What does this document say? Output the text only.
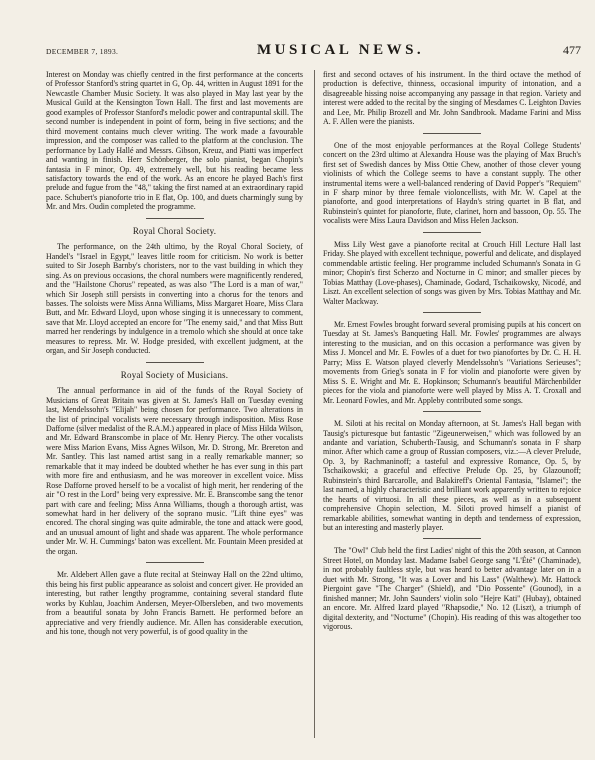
DECEMBER 7, 1893.	MUSICAL NEWS.	477

Interest on Monday was chiefly centred in the first performance at the concerts of Professor Stanford's string quartet in G, Op. 44, written in August 1891 for the Newcastle Chamber Music Society. It was also played in May last year by the Musical Guild at the Kensington Town Hall. The first and last movements are good examples of Professor Stanford's melodic power and contrapuntal skill. The second number is independent in point of form, being in five sections; and the third movement contains much clever writing. The work made a favourable impression, and the composer was called to the platform at the conclusion. The performance by Lady Hallé and Messrs. Gibson, Kreuz, and Piatti was imperfect and wanting in finish. Herr Schönberger, the solo pianist, began Chopin's fantasia in F minor, Op. 49, extremely well, but his reading became less satisfactory towards the end of the work. As an encore he played Bach's first prelude and fugue from the "48," taking the first named at an extraordinary rapid pace. Schubert's pianoforte trio in E flat, Op. 100, and duets charmingly sung by Mr. and Mrs. Oudin completed the programme.

Royal Choral Society.

The performance, on the 24th ultimo, by the Royal Choral Society, of Handel's "Israel in Egypt," leaves little room for criticism. No work is better suited to Sir Joseph Barnby's choristers, nor to the vast building in which they sing. As on previous occasions, the choral numbers were magnificently rendered, and the "Hailstone Chorus" repeated, as was also "The Lord is a man of war," which Sir Joseph still persists in converting into a chorus for the tenors and basses. The soloists were Miss Anna Williams, Miss Margaret Hoare, Miss Clara Butt, and Mr. Edward Lloyd, upon whose singing it is unnecessary to comment, save that Mr. Lloyd accepted an encore for "The enemy said," and that Miss Butt marred her renderings by indulgence in a tremolo which she should at once take measures to repress. Mr. W. Hodge presided, with excellent judgment, at the organ, and Sir Joseph conducted.

Royal Society of Musicians.

The annual performance in aid of the funds of the Royal Society of Musicians of Great Britain was given at St. James's Hall on Tuesday evening last, Mendelssohn's "Elijah" being chosen for performance. Two alterations in the list of principal vocalists were necessary through indisposition. Miss Rose Dafforne (silver medalist of the R.A.M.) appeared in place of Miss Hilda Wilson, and Mr. Edward Branscombe in place of Mr. Henry Piercy. The other vocalists were Miss Marion Evans, Miss Agnes Wilson, Mr. D. Strong, Mr. Brereton and Mr. Santley. This last named artist sang in a really remarkable manner; so remarkable that it may indeed be doubted whether he has ever sung in this part with more fire and enthusiasm, and he was moreover in excellent voice. Miss Rose Dafforne proved herself to be a vocalist of high merit, her rendering of the air "O rest in the Lord" being very expressive. Mr. E. Branscombe sang the tenor part with care and feeling; Miss Anna Williams, though a thorough artist, was somewhat hard in her delivery of the soprano music. "Lift thine eyes" was encored. The choral singing was quite admirable, the tone and attack were good, and an unusual amount of light and shade was apparent. The whole performance under Mr. W. H. Cummings' baton was excellent. Mr. Fountain Meen presided at the organ.

Mr. Aldebert Allen gave a flute recital at Steinway Hall on the 22nd ultimo, this being his first public appearance as soloist and concert giver. He provided an interesting, but rather lengthy programme, containing several standard flute works by Kuhlau, Joachim Andersen, Meyer-Olbersleben, and two movements from a beautiful sonata by John Francis Barnett. He performed before an appreciative and very friendly audience. Mr. Allen has considerable execution, and his tone, though not very powerful, is of good quality in the

first and second octaves of his instrument. In the third octave the method of production is defective, thinness, occasional impurity of intonation, and a disagreeable hissing noise accompanying any passage in that region. Variety and interest were added to the recital by the singing of Mesdames C. Leighton Davies and Lee, Mr. Philip Brozell and Mr. John Sandbrook. Madame Farini and Miss A. F. Allen were the pianists.

One of the most enjoyable performances at the Royal College Students' concert on the 23rd ultimo at Alexandra House was the playing of Max Bruch's first set of Swedish dances by Miss Ottie Chew, another of those clever young violinists of which the College seems to have a constant supply. The other instrumental items were a well-balanced rendering of David Popper's "Requiem" in F sharp minor by three female violoncellists, with Mr. W. Capel at the pianoforte, and good interpretations of Haydn's string quartet in B flat, and Rubinstein's quintet for pianoforte, flute, clarinet, horn and bassoon, Op. 55. The vocalists were Miss Laura Davidson and Miss Helen Jackson.

Miss Lily West gave a pianoforte recital at Crouch Hill Lecture Hall last Friday. She played with excellent technique, powerful and delicate, and displayed commendable artistic feeling. Her programme included Schumann's Sonata in G minor; Chopin's first Scherzo and Nocturne in C minor; and smaller pieces by Tobias Matthay (Love-phases), Chaminade, Godard, Tschaikowsky, Nicodé, and Liszt. An excellent selection of songs was given by Mrs. Tobias Matthay and Mr. Walter Mackway.

Mr. Ernest Fowles brought forward several promising pupils at his concert on Tuesday at St. James's Banqueting Hall. Mr. Fowles' programmes are always interesting to the musician, and on this occasion a performance was given by Miss J. Moncel and Mr. E. Fowles of a duet for two pianofortes by Dr. C. H. H. Parry; Miss E. Watson played cleverly Mendelssohn's "Variations Serieuses"; movements from Grieg's sonata in F for violin and pianoforte were given by Miss S. E. Wright and Mr. E. Hopkinson; Schumann's beautiful Märchenbilder pieces for the viola and pianoforte were well played by Miss A. T. Croxall and Mr. Leonard Fowles, and Mr. Appleby contributed some songs.

M. Siloti at his recital on Monday afternoon, at St. James's Hall began with Tausig's picturesque but fantastic "Zigeunerweisen," which was followed by an andante and variation, Schuberth-Tausig, and Schumann's sonata in F sharp minor. After which came a group of Russian composers, viz.:—A clever Prelude, Op. 3, by Rachmaninoff; a tasteful and expressive Romance, Op. 5, by Tschaikowski; a graceful and effective Prelude Op. 25, by Glazounoff; Rubinstein's third Barcarolle, and Balakireff's Oriental Fantasia, "Islamei"; the last named, a highly characteristic and brilliant work apparently written to rejoice the hearts of virtuosi. In all these pieces, as well as in a subsequent comprehensive Chopin selection, M. Siloti proved himself a pianist of remarkable abilities, somewhat wanting in depth and tenderness of expression, but an interesting and masterly player.

The "Owl" Club held the first Ladies' night of this the 20th season, at Cannon Street Hotel, on Monday last. Madame Isabel George sang "L'Été" (Chaminade), in not probably faultless style, but was heard to better advantage later on in a duet with Mr. Strong, "It was a Lover and his Lass" (Walthew). Mr. Hattock Piergoint gave "The Charger" (Shield), and "Dio Possente" (Gounod), in a finished manner; Mr. John Saunders' violin solo "Hejre Kati" (Hubay), obtained an encore. Mr. Alfred Izard played "Rhapsodie," No. 12 (Liszt), a triumph of digital dexterity, and "Nocturne" (Chopin). His reading of this was altogether too vigorous.
